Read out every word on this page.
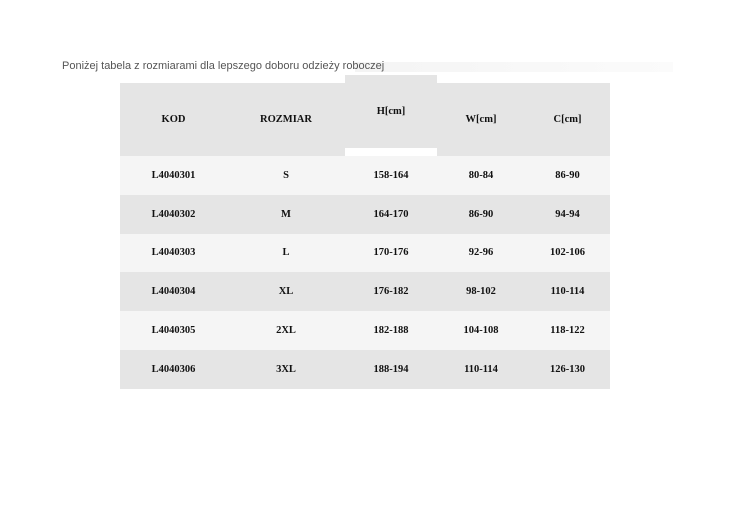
Poniżej tabela z rozmiarami dla lepszego doboru odzieży roboczej
KOD	ROZMIAR	H[cm]	W[cm]	C[cm]
L4040301	S	158-164	80-84	86-90
L4040302	M	164-170	86-90	94-94
L4040303	L	170-176	92-96	102-106
L4040304	XL	176-182	98-102	110-114
L4040305	2XL	182-188	104-108	118-122
L4040306	3XL	188-194	110-114	126-130
